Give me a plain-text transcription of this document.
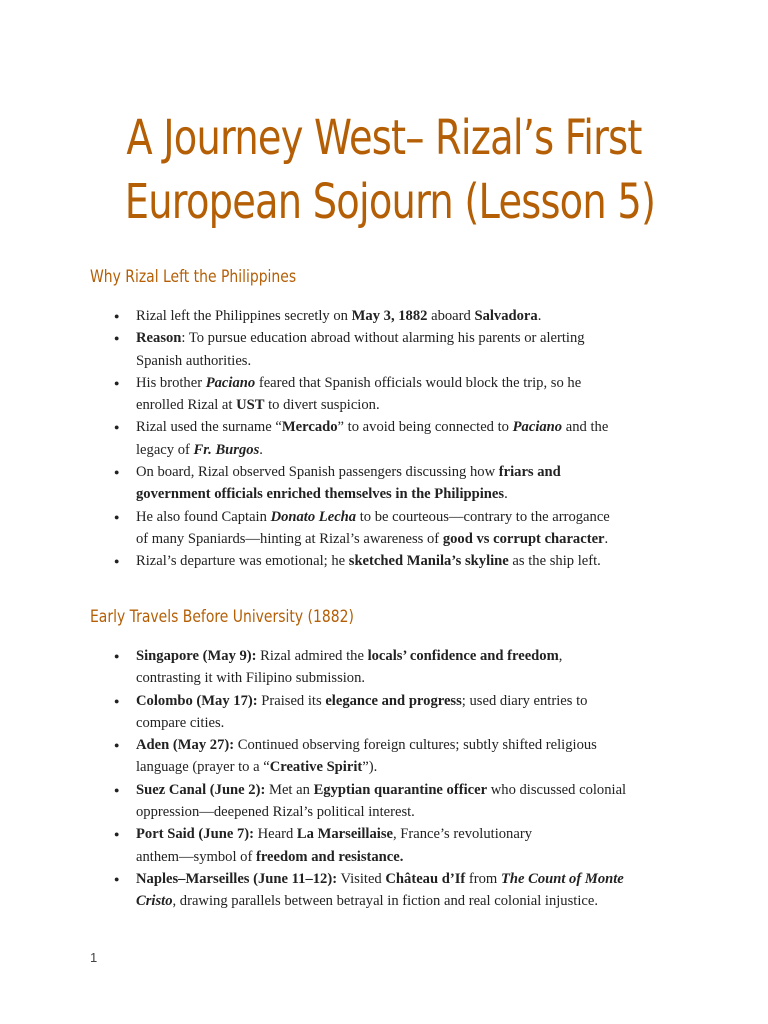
A Journey West– Rizal’s First
European Sojourn (Lesson 5)
Why Rizal Left the Philippines
● Rizal left the Philippines secretly on May 3, 1882 aboard Salvadora.
● Reason: To pursue education abroad without alarming his parents or alerting
Spanish authorities.
● His brother Paciano feared that Spanish officials would block the trip, so he
enrolled Rizal at UST to divert suspicion.
● Rizal used the surname “Mercado” to avoid being connected to Paciano and the
legacy of Fr. Burgos.
● On board, Rizal observed Spanish passengers discussing how friars and
government officials enriched themselves in the Philippines.
● He also found Captain Donato Lecha to be courteous—contrary to the arrogance
of many Spaniards—hinting at Rizal’s awareness of good vs corrupt character.
● Rizal’s departure was emotional; he sketched Manila’s skyline as the ship left.
Early Travels Before University (1882)
● Singapore (May 9): Rizal admired the locals’ confidence and freedom,
contrasting it with Filipino submission.
● Colombo (May 17): Praised its elegance and progress; used diary entries to
compare cities.
● Aden (May 27): Continued observing foreign cultures; subtly shifted religious
language (prayer to a “Creative Spirit”).
● Suez Canal (June 2): Met an Egyptian quarantine officer who discussed colonial
oppression—deepened Rizal’s political interest.
● Port Said (June 7): Heard La Marseillaise, France’s revolutionary
anthem—symbol of freedom and resistance.
● Naples–Marseilles (June 11–12): Visited Château d’If from The Count of Monte
Cristo, drawing parallels between betrayal in fiction and real colonial injustice.
1
